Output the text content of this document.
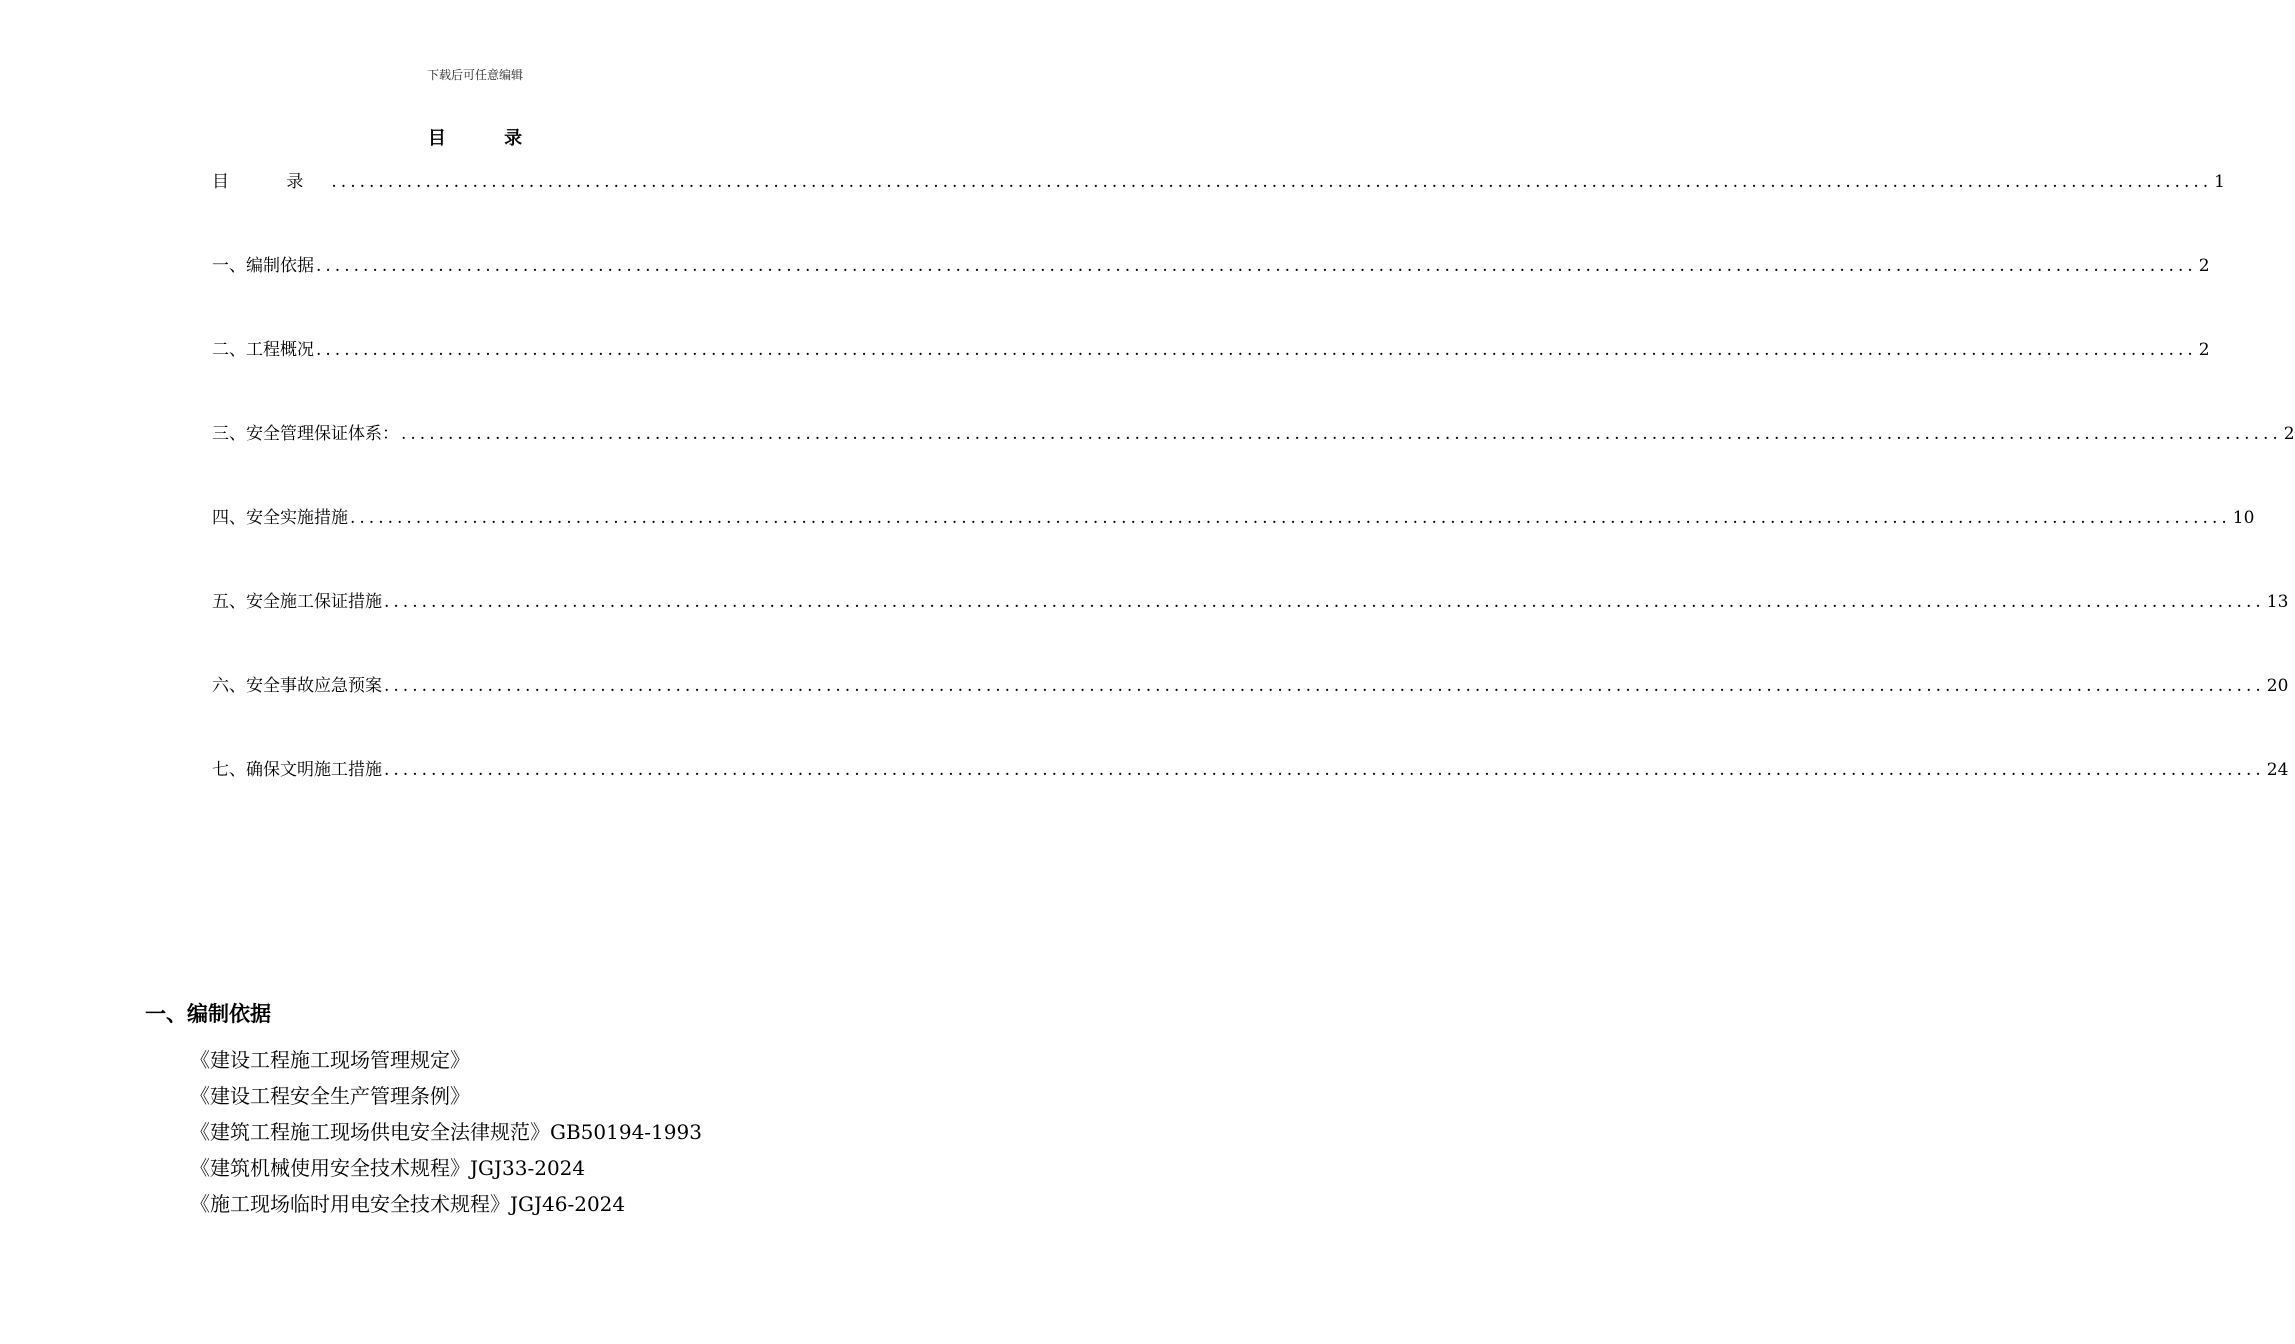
下载后可任意编辑
目 录
目 录 ........................................................................................................................................................................................................ 1
一、编制依据 ........................................................................................................................................................................................................ 2
二、工程概况 ........................................................................................................................................................................................................ 2
三、安全管理保证体系： ........................................................................................................................................................................................................ 2
四、安全实施措施 ........................................................................................................................................................................................................ 10
五、安全施工保证措施 ........................................................................................................................................................................................................ 13
六、安全事故应急预案 ........................................................................................................................................................................................................ 20
七、确保文明施工措施 ........................................................................................................................................................................................................ 24
一、编制依据
《建设工程施工现场管理规定》
《建设工程安全生产管理条例》
《建筑工程施工现场供电安全法律规范》GB50194-1993
《建筑机械使用安全技术规程》JGJ33-2024
《施工现场临时用电安全技术规程》JGJ46-2024
